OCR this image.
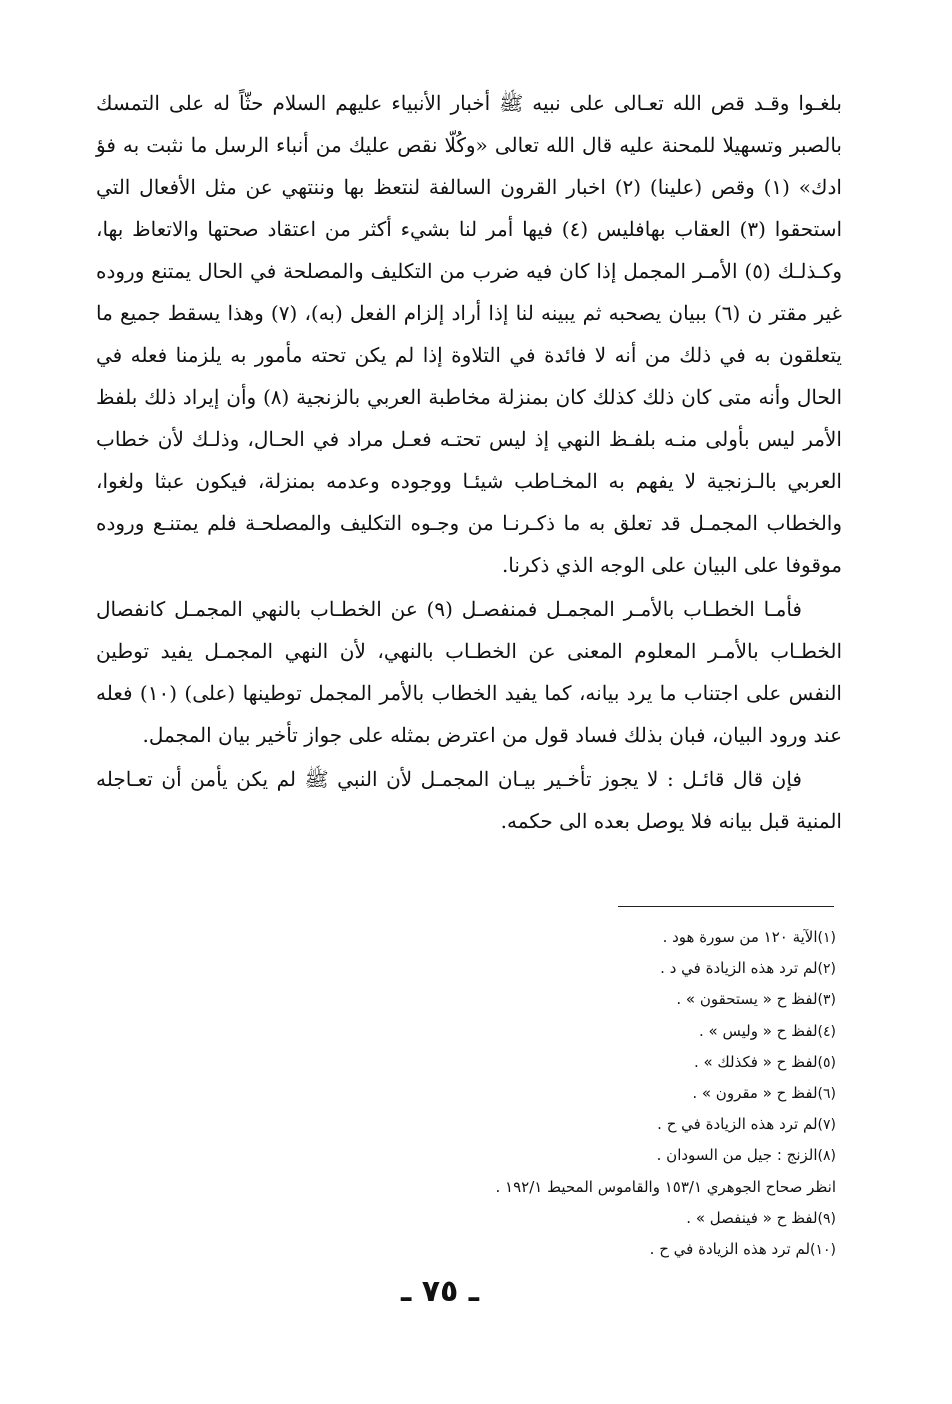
بلغـوا وقـد قص الله تعـالى على نبيه ﷺ أخبار الأنبياء عليهم السلام حثّاً له على التمسك بالصبر وتسهيلا للمحنة عليه قال الله تعالى «وكُلّا نقص عليك من أنباء الرسل ما نثبت به فؤ ادك» (١) وقص (علينا) (٢) اخبار القرون السالفة لنتعظ بها وننتهي عن مثل الأفعال التي استحقوا (٣) العقاب بهافليس (٤) فيها أمر لنا بشيء أكثر من اعتقاد صحتها والاتعاظ بها، وكـذلـك (٥) الأمـر المجمل إذا كان فيه ضرب من التكليف والمصلحة في الحال يمتنع وروده غير مقتر ن (٦) ببيان يصحبه ثم يبينه لنا إذا أراد إلزام الفعل (به)، (٧) وهذا يسقط جميع ما يتعلقون به في ذلك من أنه لا فائدة في التلاوة إذا لم يكن تحته مأمور به يلزمنا فعله في الحال وأنه متى كان ذلك كذلك كان بمنزلة مخاطبة العربي بالزنجية (٨) وأن إيراد ذلك بلفظ الأمر ليس بأولى منـه بلفـظ النهي إذ ليس تحتـه فعـل مراد في الحـال، وذلـك لأن خطاب العربي بالـزنجية لا يفهم به المخـاطب شيئـا ووجوده وعدمه بمنزلة، فيكون عبثا ولغوا، والخطاب المجمـل قد تعلق به ما ذكـرنـا من وجـوه التكليف والمصلحـة فلم يمتنـع وروده موقوفا على البيان على الوجه الذي ذكرنا.

فأمـا الخطـاب بالأمـر المجمـل فمنفصـل (٩) عن الخطـاب بالنهي المجمـل كانفصال الخطـاب بالأمـر المعلوم المعنى عن الخطـاب بالنهي، لأن النهي المجمـل يفيد توطين النفس على اجتناب ما يرد بيانه، كما يفيد الخطاب بالأمر المجمل توطينها (على) (١٠) فعله عند ورود البيان، فبان بذلك فساد قول من اعترض بمثله على جواز تأخير بيان المجمل.

فإن قال قائـل : لا يجوز تأخـير بيـان المجمـل لأن النبي ﷺ لم يكن يأمن أن تعـاجله المنية قبل بيانه فلا يوصل بعده الى حكمه.

(١)الآية ١٢٠ من سورة هود .
(٢)لم ترد هذه الزيادة في د .
(٣)لفظ ح « يستحقون » .
(٤)لفظ ح « وليس » .
(٥)لفظ ح « فكذلك » .
(٦)لفظ ح « مقرون » .
(٧)لم ترد هذه الزيادة في ح .
(٨)الزنج : جيل من السودان .
انظر صحاح الجوهري ١٥٣/١ والقاموس المحيط ١٩٢/١ .
(٩)لفظ ح « فينفصل » .
(١٠)لم ترد هذه الزيادة في ح .
ـ ٧٥ ـ
